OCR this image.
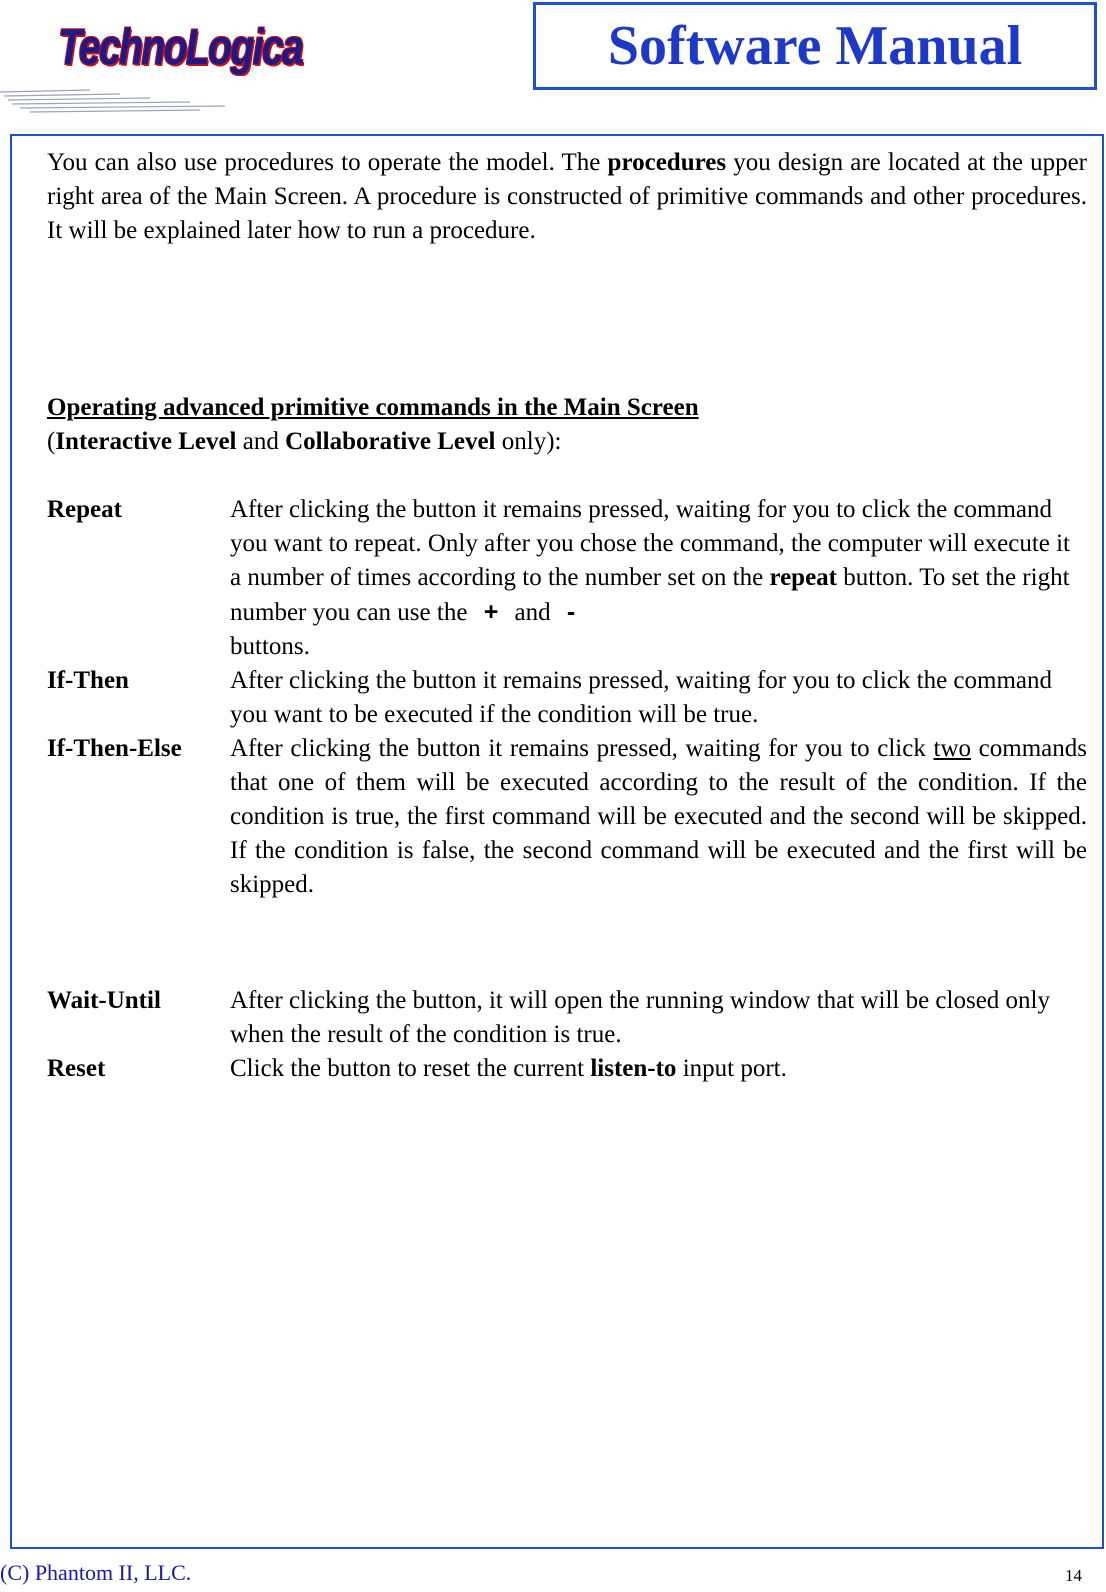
TechnoLogica	Software Manual

You can also use procedures to operate the model. The procedures you design are located at the upper right area of the Main Screen. A procedure is constructed of primitive commands and other procedures. It will be explained later how to run a procedure.

Operating advanced primitive commands in the Main Screen
(Interactive Level and Collaborative Level only):
Repeat	After clicking the button it remains pressed, waiting for you to click the command you want to repeat. Only after you chose the command, the computer will execute it a number of times according to the number set on the repeat button. To set the right number you can use the + and -
buttons.
If-Then	After clicking the button it remains pressed, waiting for you to click the command you want to be executed if the condition will be true.
If-Then-Else	After clicking the button it remains pressed, waiting for you to click two commands that one of them will be executed according to the result of the condition. If the condition is true, the first command will be executed and the second will be skipped. If the condition is false, the second command will be executed and the first will be skipped.
Wait-Until	After clicking the button, it will open the running window that will be closed only when the result of the condition is true.
Reset	Click the button to reset the current listen-to input port.
(C) Phantom II, LLC.	14
